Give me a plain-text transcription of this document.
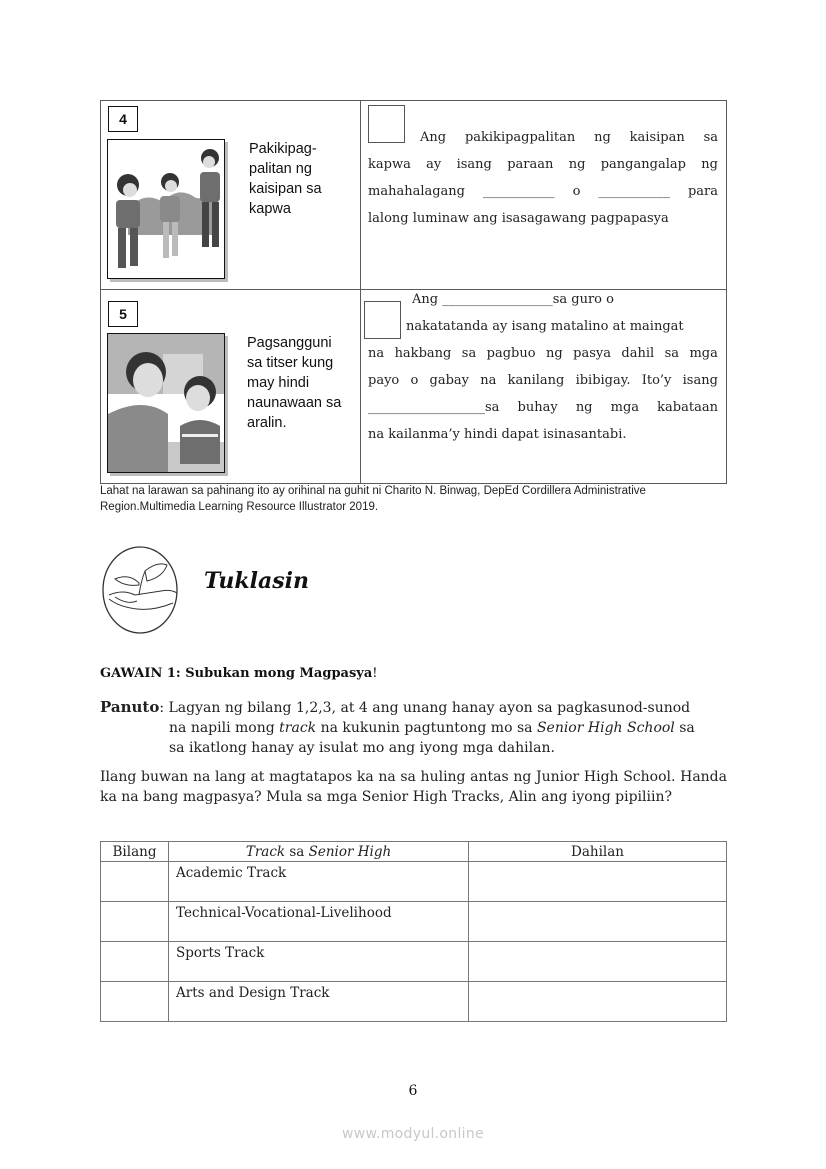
4
Pakikipag-
palitan ng
kaisipan sa
kapwa
Ang pakikipagpalitan ng kaisipan sa
kapwa ay isang paraan ng pangangalap ng
mahahalagang ___________ o ___________ para
lalong luminaw ang isasagawang pagpapasya
5
Pagsangguni
sa titser kung
may hindi
naunawaan sa
aralin.
Ang _________________sa guro o
nakatatanda ay isang matalino at maingat
na hakbang sa pagbuo ng pasya dahil sa mga
payo o gabay na kanilang ibibigay. Ito’y isang
__________________sa buhay ng mga kabataan
na kailanma’y hindi dapat isinasantabi.
Lahat na larawan sa pahinang ito ay orihinal na guhit ni Charito N. Binwag, DepEd Cordillera Administrative
Region.Multimedia Learning Resource Illustrator 2019.
Tuklasin
GAWAIN 1: Subukan mong Magpasya!
Panuto: Lagyan ng bilang 1,2,3, at 4 ang unang hanay ayon sa pagkasunod-sunod
na napili mong track na kukunin pagtuntong mo sa Senior High School sa
sa ikatlong hanay ay isulat mo ang iyong mga dahilan.
Ilang buwan na lang at magtatapos ka na sa huling antas ng Junior High School. Handa ka na bang magpasya? Mula sa mga Senior High Tracks, Alin ang iyong pipiliin?
Bilang	Track sa Senior High	Dahilan
	Academic Track	
	Technical-Vocational-Livelihood	
	Sports Track	
	Arts and Design Track	
6
www.modyul.online
